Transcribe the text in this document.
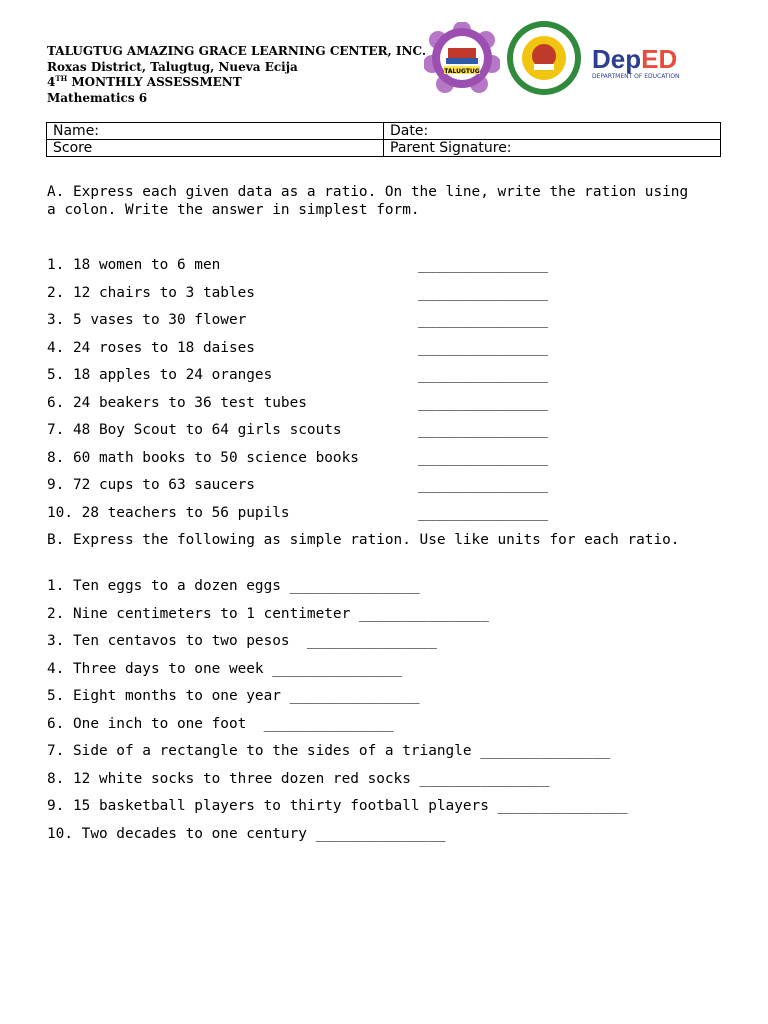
TALUGTUG AMAZING GRACE LEARNING CENTER, INC.
Roxas District, Talugtug, Nueva Ecija
4TH MONTHLY ASSESSMENT
Mathematics 6
TALUGTUG	DepED
DEPARTMENT OF EDUCATION
Name:	Date:
Score	Parent Signature:
A. Express each given data as a ratio. On the line, write the ration using a colon. Write the answer in simplest form.
1. 18 women to 6 men	_______________
2. 12 chairs to 3 tables	_______________
3. 5 vases to 30 flower	_______________
4. 24 roses to 18 daises	_______________
5. 18 apples to 24 oranges	_______________
6. 24 beakers to 36 test tubes	_______________
7. 48 Boy Scout to 64 girls scouts	_______________
8. 60 math books to 50 science books	_______________
9. 72 cups to 63 saucers	_______________
10. 28 teachers to 56 pupils	_______________
B. Express the following as simple ration. Use like units for each ratio.
1. Ten eggs to a dozen eggs _______________
2. Nine centimeters to 1 centimeter _______________
3. Ten centavos to two pesos  _______________
4. Three days to one week _______________
5. Eight months to one year _______________
6. One inch to one foot  _______________
7. Side of a rectangle to the sides of a triangle _______________
8. 12 white socks to three dozen red socks _______________
9. 15 basketball players to thirty football players _______________
10. Two decades to one century _______________
